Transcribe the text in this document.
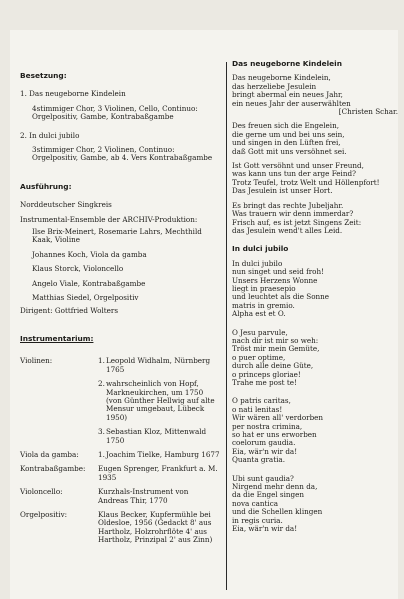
Besetzung:
1. Das neugeborne Kindelein
4stimmiger Chor, 3 Violinen, Cello, Continuo: Orgelpositiv, Gambe, Kontrabaßgambe
2. In dulci jubilo
3stimmiger Chor, 2 Violinen, Continuo: Orgelpositiv, Gambe, ab 4. Vers Kontrabaßgambe
Ausführung:
Norddeutscher Singkreis
Instrumental-Ensemble der ARCHIV-Produktion:
Ilse Brix-Meinert, Rosemarie Lahrs, Mechthild Kaak, Violine
Johannes Koch, Viola da gamba
Klaus Storck, Violoncello
Angelo Viale, Kontrabaßgambe
Matthias Siedel, Orgelpositiv
Dirigent: Gottfried Wolters
Instrumentarium:
Violinen:	1. Leopold Widhalm, Nürnberg 1765
2. wahrscheinlich von Hopf, Markneukirchen, um 1750 (von Günther Hellwig auf alte Mensur umgebaut, Lübeck 1950)
3. Sebastian Kloz, Mittenwald 1750
Viola da gamba:	1. Joachim Tielke, Hamburg 1677
Kontrabaßgambe:	Eugen Sprenger, Frankfurt a. M. 1935
Violoncello:	Kurzhals-Instrument von Andreas Thir, 1770
Orgelpositiv:	Klaus Becker, Kupfermühle bei Oldesloe, 1956 (Gedackt 8' aus Hartholz, Holzrohrflöte 4' aus Hartholz, Prinzipal 2' aus Zinn)
Das neugeborne Kindelein
Das neugeborne Kindelein,
das herzeliebe Jesulein
bringt abermal ein neues Jahr,
ein neues Jahr der auserwählten
[Christen Schar.
Des freuen sich die Engelein,
die gerne um und bei uns sein,
und singen in den Lüften frei,
daß Gott mit uns versöhnet sei.
Ist Gott versöhnt und unser Freund,
was kann uns tun der arge Feind?
Trotz Teufel, trotz Welt und Höllenpfort!
Das Jesulein ist unser Hort.
Es bringt das rechte Jubeljahr.
Was trauern wir denn immerdar?
Frisch auf, es ist jetzt Singens Zeit:
das Jesulein wend't alles Leid.
In dulci jubilo
In dulci jubilo
nun singet und seid froh!
Unsers Herzens Wonne
liegt in praesepio
und leuchtet als die Sonne
matris in gremio.
Alpha est et O.
O Jesu parvule,
nach dir ist mir so weh:
Tröst mir mein Gemüte,
o puer optime,
durch alle deine Güte,
o princeps gloriae!
Trahe me post te!
O patris caritas,
o nati lenitas!
Wir wären all' verdorben
per nostra crimina,
so hat er uns erworben
coelorum gaudia.
Eia, wär'n wir da!
Quanta gratia.
Ubi sunt gaudia?
Nirgend mehr denn da,
da die Engel singen
nova cantica
und die Schellen klingen
in regis curia.
Eia, wär'n wir da!
